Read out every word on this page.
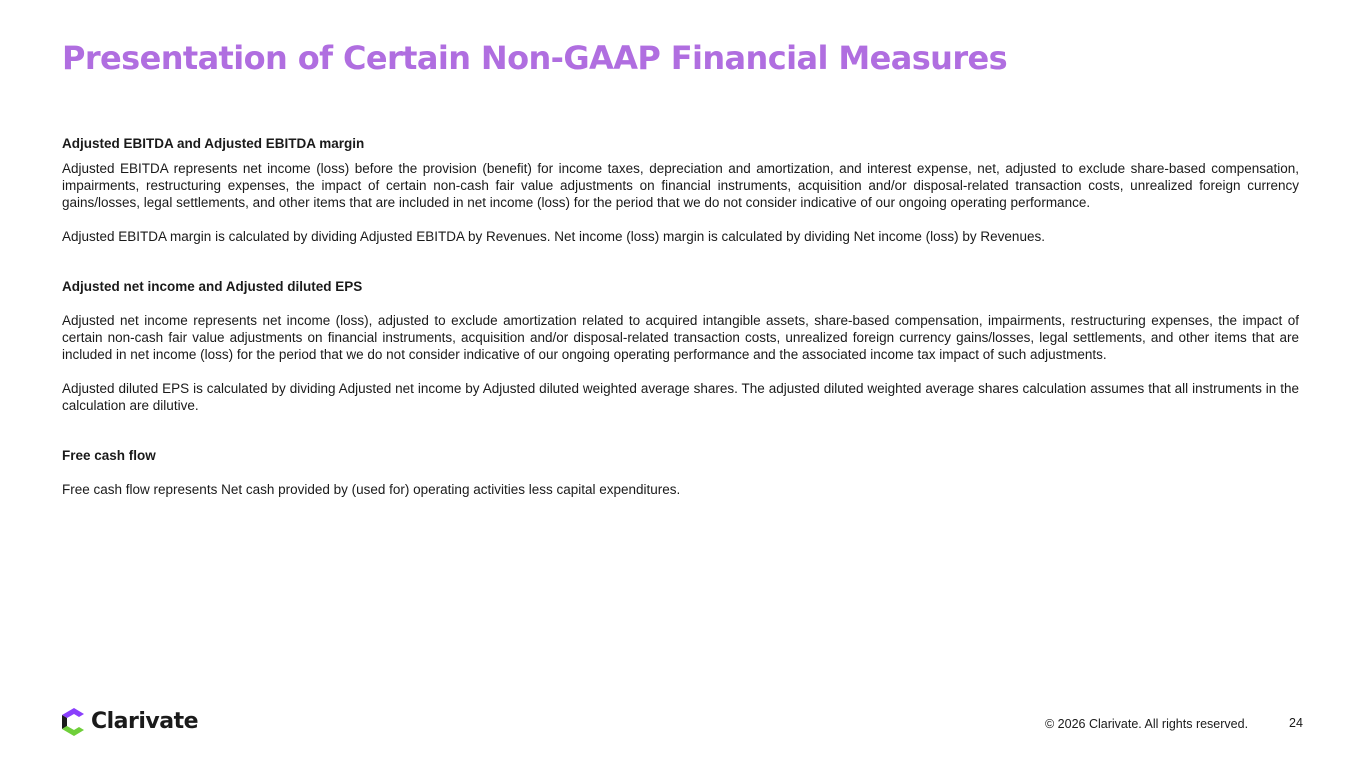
Presentation of Certain Non-GAAP Financial Measures

Adjusted EBITDA and Adjusted EBITDA margin

Adjusted EBITDA represents net income (loss) before the provision (benefit) for income taxes, depreciation and amortization, and interest expense, net, adjusted to exclude share-based compensation, impairments, restructuring expenses, the impact of certain non-cash fair value adjustments on financial instruments, acquisition and/or disposal-related transaction costs, unrealized foreign currency gains/losses, legal settlements, and other items that are included in net income (loss) for the period that we do not consider indicative of our ongoing operating performance.

Adjusted EBITDA margin is calculated by dividing Adjusted EBITDA by Revenues. Net income (loss) margin is calculated by dividing Net income (loss) by Revenues.

Adjusted net income and Adjusted diluted EPS

Adjusted net income represents net income (loss), adjusted to exclude amortization related to acquired intangible assets, share-based compensation, impairments, restructuring expenses, the impact of certain non-cash fair value adjustments on financial instruments, acquisition and/or disposal-related transaction costs, unrealized foreign currency gains/losses, legal settlements, and other items that are included in net income (loss) for the period that we do not consider indicative of our ongoing operating performance and the associated income tax impact of such adjustments.

Adjusted diluted EPS is calculated by dividing Adjusted net income by Adjusted diluted weighted average shares. The adjusted diluted weighted average shares calculation assumes that all instruments in the calculation are dilutive.

Free cash flow

Free cash flow represents Net cash provided by (used for) operating activities less capital expenditures.

Clarivate	© 2026 Clarivate. All rights reserved.	24
